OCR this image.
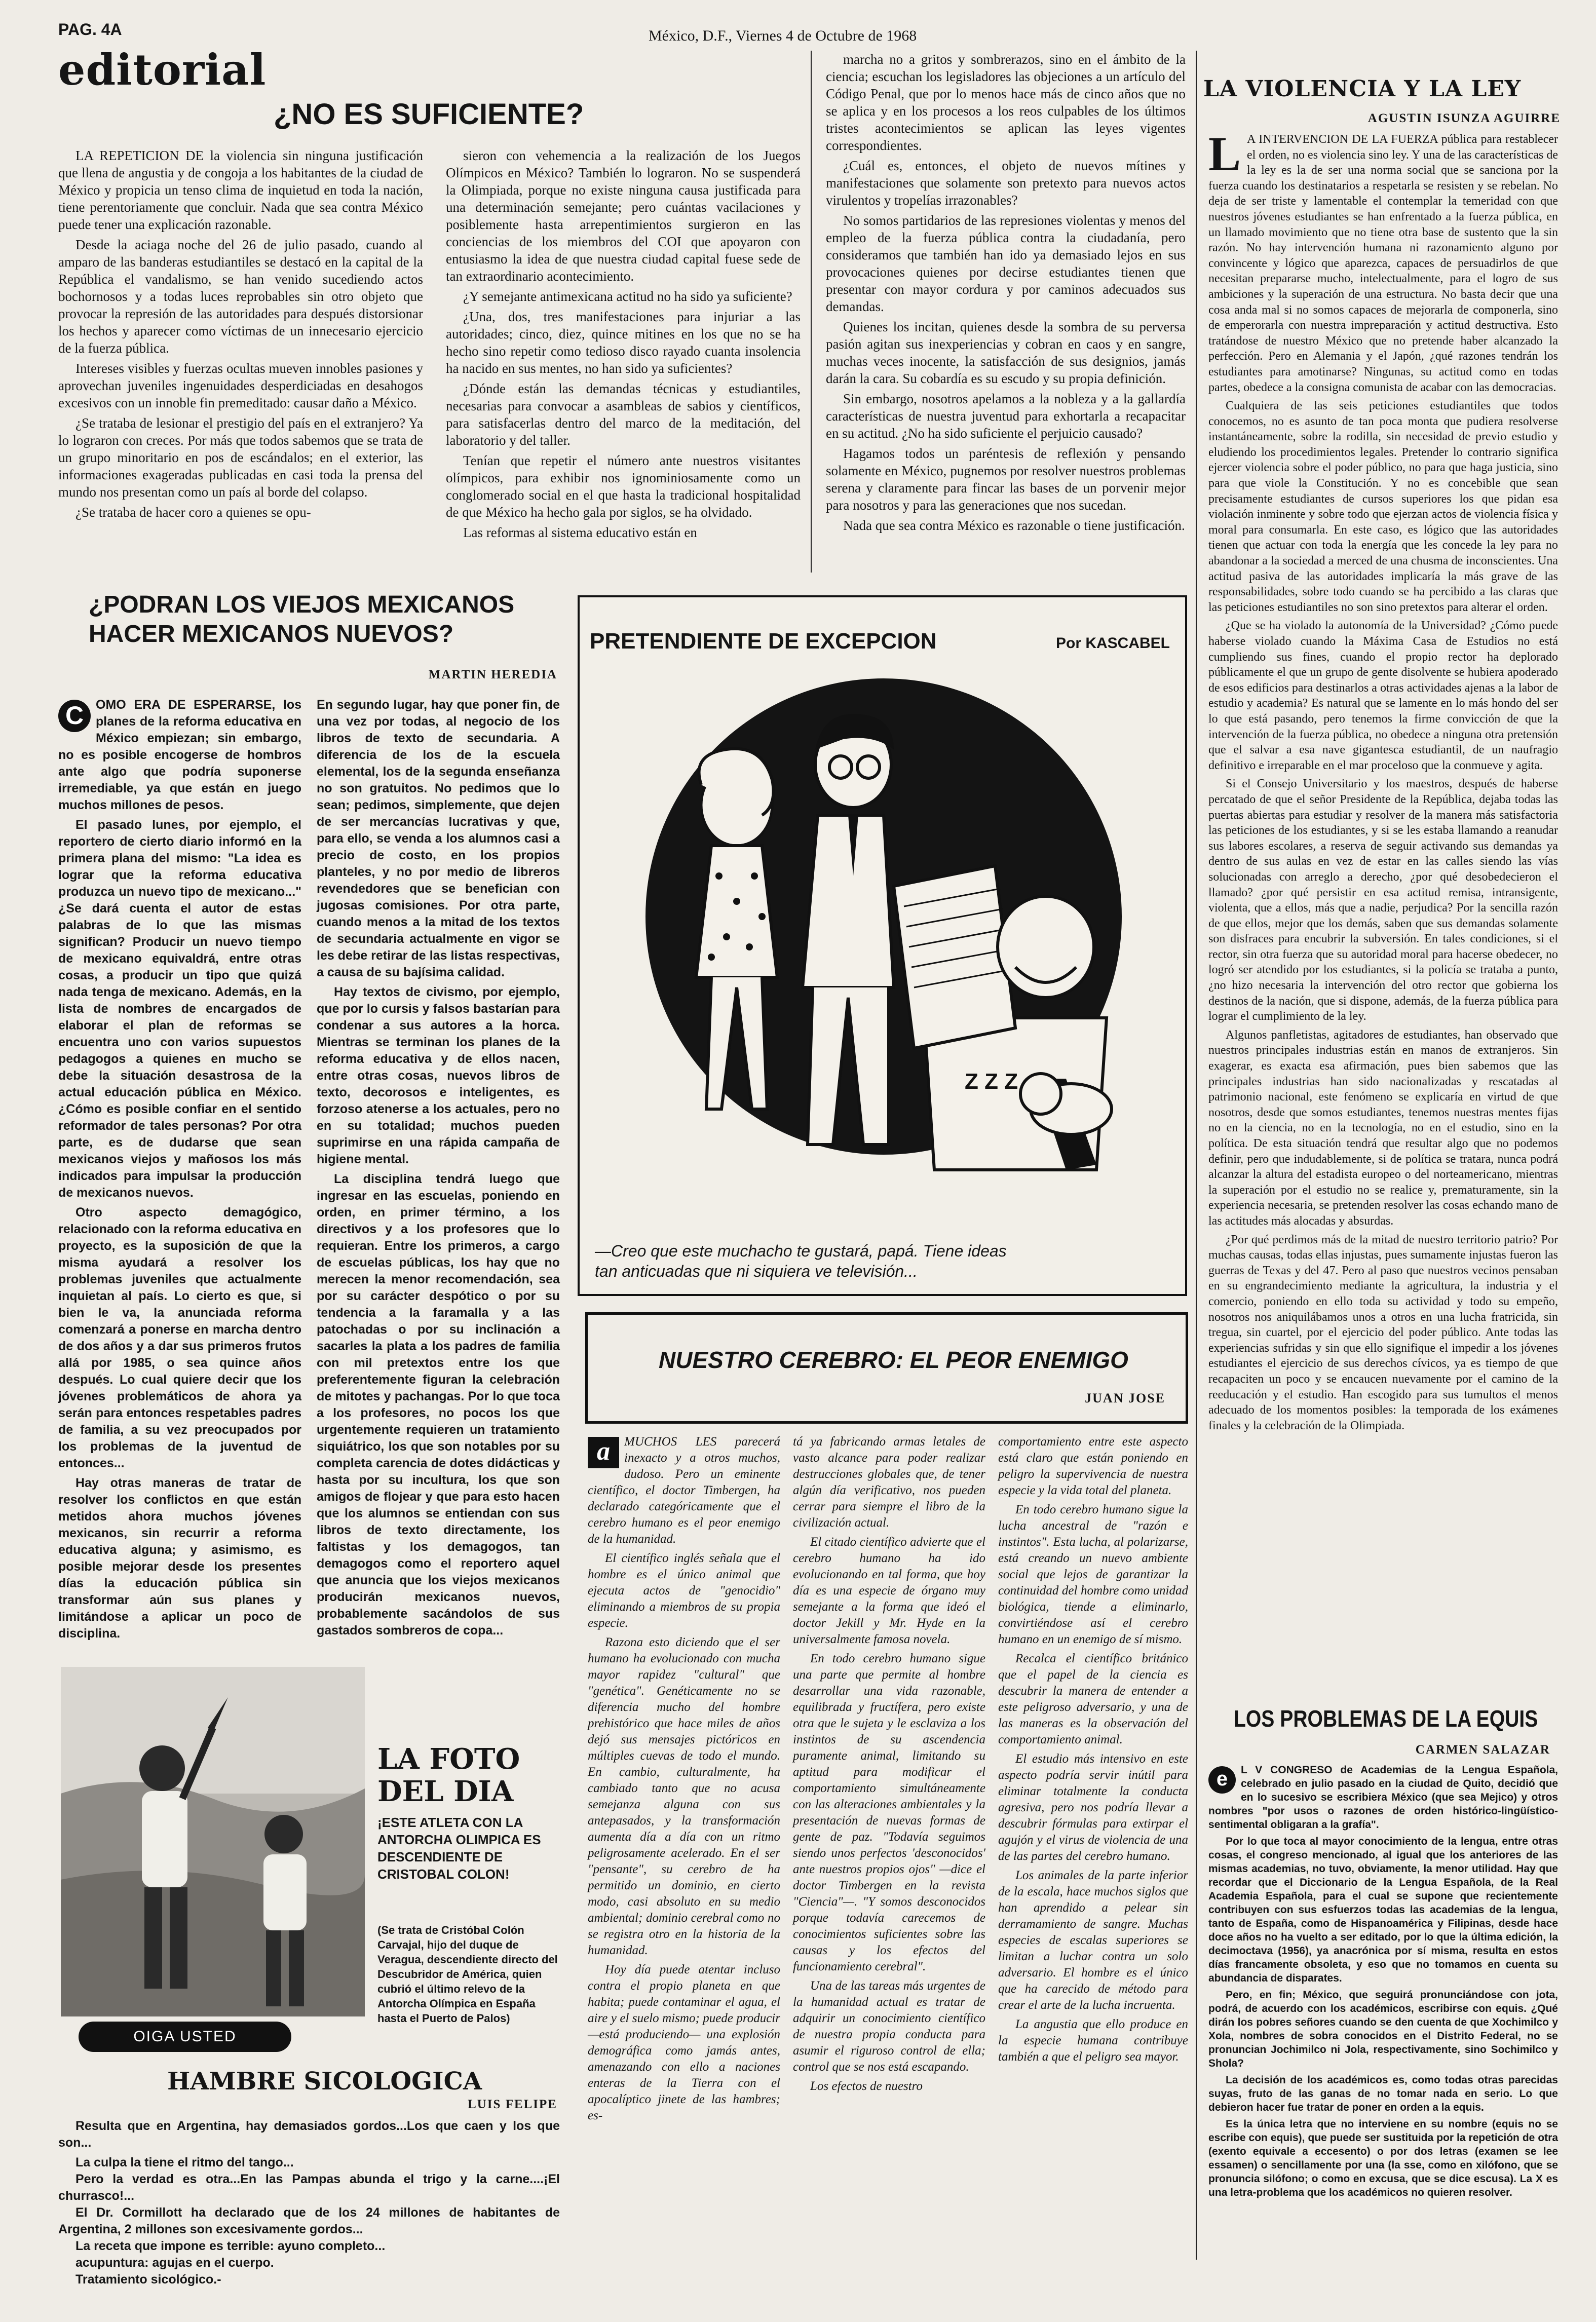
PAG. 4A	México, D.F., Viernes 4 de Octubre de 1968
editorial
¿NO ES SUFICIENTE?

LA REPETICION DE la violencia sin ninguna justificación que llena de angustia y de congoja a los habitantes de la ciudad de México y propicia un tenso clima de inquietud en toda la nación, tiene perentoriamente que concluir. Nada que sea contra México puede tener una explicación razonable.

Desde la aciaga noche del 26 de julio pasado, cuando al amparo de las banderas estudiantiles se destacó en la capital de la República el vandalismo, se han venido sucediendo actos bochornosos y a todas luces reprobables sin otro objeto que provocar la represión de las autoridades para después distorsionar los hechos y aparecer como víctimas de un innecesario ejercicio de la fuerza pública.

Intereses visibles y fuerzas ocultas mueven innobles pasiones y aprovechan juveniles ingenuidades desperdiciadas en desahogos excesivos con un innoble fin premeditado: causar daño a México.

¿Se trataba de lesionar el prestigio del país en el extranjero? Ya lo lograron con creces. Por más que todos sabemos que se trata de un grupo minoritario en pos de escándalos; en el exterior, las informaciones exageradas publicadas en casi toda la prensa del mundo nos presentan como un país al borde del colapso.

¿Se trataba de hacer coro a quienes se opu-

sieron con vehemencia a la realización de los Juegos Olímpicos en México? También lo lograron. No se suspenderá la Olimpiada, porque no existe ninguna causa justificada para una determinación semejante; pero cuántas vacilaciones y posiblemente hasta arrepentimientos surgieron en las conciencias de los miembros del COI que apoyaron con entusiasmo la idea de que nuestra ciudad capital fuese sede de tan extraordinario acontecimiento.

¿Y semejante antimexicana actitud no ha sido ya suficiente?

¿Una, dos, tres manifestaciones para injuriar a las autoridades; cinco, diez, quince mitines en los que no se ha hecho sino repetir como tedioso disco rayado cuanta insolencia ha nacido en sus mentes, no han sido ya suficientes?

¿Dónde están las demandas técnicas y estudiantiles, necesarias para convocar a asambleas de sabios y científicos, para satisfacerlas dentro del marco de la meditación, del laboratorio y del taller.

Tenían que repetir el número ante nuestros visitantes olímpicos, para exhibir nos ignominiosamente como un conglomerado social en el que hasta la tradicional hospitalidad de que México ha hecho gala por siglos, se ha olvidado.

Las reformas al sistema educativo están en

marcha no a gritos y sombrerazos, sino en el ámbito de la ciencia; escuchan los legisladores las objeciones a un artículo del Código Penal, que por lo menos hace más de cinco años que no se aplica y en los procesos a los reos culpables de los últimos tristes acontecimientos se aplican las leyes vigentes correspondientes.

¿Cuál es, entonces, el objeto de nuevos mítines y manifestaciones que solamente son pretexto para nuevos actos virulentos y tropelías irrazonables?

No somos partidarios de las represiones violentas y menos del empleo de la fuerza pública contra la ciudadanía, pero consideramos que también han ido ya demasiado lejos en sus provocaciones quienes por decirse estudiantes tienen que presentar con mayor cordura y por caminos adecuados sus demandas.

Quienes los incitan, quienes desde la sombra de su perversa pasión agitan sus inexperiencias y cobran en caos y en sangre, muchas veces inocente, la satisfacción de sus designios, jamás darán la cara. Su cobardía es su escudo y su propia definición.

Sin embargo, nosotros apelamos a la nobleza y a la gallardía características de nuestra juventud para exhortarla a recapacitar en su actitud. ¿No ha sido suficiente el perjuicio causado?

Hagamos todos un paréntesis de reflexión y pensando solamente en México, pugnemos por resolver nuestros problemas serena y claramente para fincar las bases de un porvenir mejor para nosotros y para las generaciones que nos sucedan.

Nada que sea contra México es razonable o tiene justificación.

¿PODRAN LOS VIEJOS MEXICANOS HACER MEXICANOS NUEVOS?
MARTIN HEREDIA

C OMO ERA DE ESPERARSE, los planes de la reforma educativa en México empiezan; sin embargo, no es posible encogerse de hombros ante algo que podría suponerse irremediable, ya que están en juego muchos millones de pesos.

El pasado lunes, por ejemplo, el reportero de cierto diario informó en la primera plana del mismo: "La idea es lograr que la reforma educativa produzca un nuevo tipo de mexicano..." ¿Se dará cuenta el autor de estas palabras de lo que las mismas significan? Producir un nuevo tiempo de mexicano equivaldrá, entre otras cosas, a producir un tipo que quizá nada tenga de mexicano. Además, en la lista de nombres de encargados de elaborar el plan de reformas se encuentra uno con varios supuestos pedagogos a quienes en mucho se debe la situación desastrosa de la actual educación pública en México. ¿Cómo es posible confiar en el sentido reformador de tales personas? Por otra parte, es de dudarse que sean mexicanos viejos y mañosos los más indicados para impulsar la producción de mexicanos nuevos.

Otro aspecto demagógico, relacionado con la reforma educativa en proyecto, es la suposición de que la misma ayudará a resolver los problemas juveniles que actualmente inquietan al país. Lo cierto es que, si bien le va, la anunciada reforma comenzará a ponerse en marcha dentro de dos años y a dar sus primeros frutos allá por 1985, o sea quince años después. Lo cual quiere decir que los jóvenes problemáticos de ahora ya serán para entonces respetables padres de familia, a su vez preocupados por los problemas de la juventud de entonces...

Hay otras maneras de tratar de resolver los conflictos en que están metidos ahora muchos jóvenes mexicanos, sin recurrir a reforma educativa alguna; y asimismo, es posible mejorar desde los presentes días la educación pública sin transformar aún sus planes y limitándose a aplicar un poco de disciplina.

En segundo lugar, hay que poner fin, de una vez por todas, al negocio de los libros de texto de secundaria. A diferencia de los de la escuela elemental, los de la segunda enseñanza no son gratuitos. No pedimos que lo sean; pedimos, simplemente, que dejen de ser mercancías lucrativas y que, para ello, se venda a los alumnos casi a precio de costo, en los propios planteles, y no por medio de libreros revendedores que se benefician con jugosas comisiones. Por otra parte, cuando menos a la mitad de los textos de secundaria actualmente en vigor se les debe retirar de las listas respectivas, a causa de su bajísima calidad.

Hay textos de civismo, por ejemplo, que por lo cursis y falsos bastarían para condenar a sus autores a la horca. Mientras se terminan los planes de la reforma educativa y de ellos nacen, entre otras cosas, nuevos libros de texto, decorosos e inteligentes, es forzoso atenerse a los actuales, pero no en su totalidad; muchos pueden suprimirse en una rápida campaña de higiene mental.

La disciplina tendrá luego que ingresar en las escuelas, poniendo en orden, en primer término, a los directivos y a los profesores que lo requieran. Entre los primeros, a cargo de escuelas públicas, los hay que no merecen la menor recomendación, sea por su carácter despótico o por su tendencia a la faramalla y a las patochadas o por su inclinación a sacarles la plata a los padres de familia con mil pretextos entre los que preferentemente figuran la celebración de mitotes y pachangas. Por lo que toca a los profesores, no pocos los que urgentemente requieren un tratamiento siquiátrico, los que son notables por su completa carencia de dotes didácticas y hasta por su incultura, los que son amigos de flojear y que para esto hacen que los alumnos se entiendan con sus libros de texto directamente, los faltistas y los demagogos, tan demagogos como el reportero aquel que anuncia que los viejos mexicanos producirán mexicanos nuevos, probablemente sacándolos de sus gastados sombreros de copa...

PRETENDIENTE DE EXCEPCION	Por KASCABEL
Z Z Z
—Creo que este muchacho te gustará, papá. Tiene ideas
tan anticuadas que ni siquiera ve televisión...
NUESTRO CEREBRO: EL PEOR ENEMIGO
JUAN JOSE

a	MUCHOS LES parecerá inexacto y a otros muchos, dudoso. Pero un eminente científico, el doctor Timbergen, ha declarado categóricamente que el cerebro humano es el peor enemigo de la humanidad.

El científico inglés señala que el hombre es el único animal que ejecuta actos de "genocidio" eliminando a miembros de su propia especie.

Razona esto diciendo que el ser humano ha evolucionado con mucha mayor rapidez "cultural" que "genética". Genéticamente no se diferencia mucho del hombre prehistórico que hace miles de años dejó sus mensajes pictóricos en múltiples cuevas de todo el mundo. En cambio, culturalmente, ha cambiado tanto que no acusa semejanza alguna con sus antepasados, y la transformación aumenta día a día con un ritmo peligrosamente acelerado. En el ser "pensante", su cerebro de ha permitido un dominio, en cierto modo, casi absoluto en su medio ambiental; dominio cerebral como no se registra otro en la historia de la humanidad.

Hoy día puede atentar incluso contra el propio planeta en que habita; puede contaminar el agua, el aire y el suelo mismo; puede producir —está produciendo— una explosión demográfica como jamás antes, amenazando con ello a naciones enteras de la Tierra con el apocalíptico jinete de las hambres; es-

tá ya fabricando armas letales de vasto alcance para poder realizar destrucciones globales que, de tener algún día verificativo, nos pueden cerrar para siempre el libro de la civilización actual.

El citado científico advierte que el cerebro humano ha ido evolucionando en tal forma, que hoy día es una especie de órgano muy semejante a la forma que ideó el doctor Jekill y Mr. Hyde en la universalmente famosa novela.

En todo cerebro humano sigue una parte que permite al hombre desarrollar una vida razonable, equilibrada y fructífera, pero existe otra que le sujeta y le esclaviza a los instintos de su ascendencia puramente animal, limitando su aptitud para modificar el comportamiento simultáneamente con las alteraciones ambientales y la presentación de nuevas formas de gente de paz. "Todavía seguimos siendo unos perfectos 'desconocidos' ante nuestros propios ojos" —dice el doctor Timbergen en la revista "Ciencia"—. "Y somos desconocidos porque todavía carecemos de conocimientos suficientes sobre las causas y los efectos del funcionamiento cerebral".

Una de las tareas más urgentes de la humanidad actual es tratar de adquirir un conocimiento científico de nuestra propia conducta para asumir el riguroso control de ella; control que se nos está escapando.

Los efectos de nuestro

comportamiento entre este aspecto está claro que están poniendo en peligro la supervivencia de nuestra especie y la vida total del planeta.

En todo cerebro humano sigue la lucha ancestral de "razón e instintos". Esta lucha, al polarizarse, está creando un nuevo ambiente social que lejos de garantizar la continuidad del hombre como unidad biológica, tiende a eliminarlo, convirtiéndose así el cerebro humano en un enemigo de sí mismo.

Recalca el científico británico que el papel de la ciencia es descubrir la manera de entender a este peligroso adversario, y una de las maneras es la observación del comportamiento animal.

El estudio más intensivo en este aspecto podría servir inútil para eliminar totalmente la conducta agresiva, pero nos podría llevar a descubrir fórmulas para extirpar el agujón y el virus de violencia de una de las partes del cerebro humano.

Los animales de la parte inferior de la escala, hace muchos siglos que han aprendido a pelear sin derramamiento de sangre. Muchas especies de escalas superiores se limitan a luchar contra un solo adversario. El hombre es el único que ha carecido de método para crear el arte de la lucha incruenta.

La angustia que ello produce en la especie humana contribuye también a que el peligro sea mayor.

LA FOTO
DEL DIA
¡ESTE ATLETA CON LA ANTORCHA OLIMPICA ES DESCENDIENTE DE CRISTOBAL COLON!
(Se trata de Cristóbal Colón Carvajal, hijo del duque de Veragua, descendiente directo del Descubridor de América, quien cubrió el último relevo de la Antorcha Olímpica en España hasta el Puerto de Palos)
OIGA USTED
HAMBRE SICOLOGICA
LUIS FELIPE

Resulta que en Argentina, hay demasiados gordos...Los que caen y los que son...

La culpa la tiene el ritmo del tango...

Pero la verdad es otra...En las Pampas abunda el trigo y la carne....¡El churrasco!...

El Dr. Cormillott ha declarado que de los 24 millones de habitantes de Argentina, 2 millones son excesivamente gordos...

La receta que impone es terrible: ayuno completo...

acupuntura: agujas en el cuerpo.

Tratamiento sicológico.-

LA VIOLENCIA Y LA LEY
AGUSTIN ISUNZA AGUIRRE

L A INTERVENCION DE LA FUERZA pública para restablecer el orden, no es violencia sino ley. Y una de las características de la ley es la de ser una norma social que se sanciona por la fuerza cuando los destinatarios a respetarla se resisten y se rebelan. No deja de ser triste y lamentable el contemplar la temeridad con que nuestros jóvenes estudiantes se han enfrentado a la fuerza pública, en un llamado movimiento que no tiene otra base de sustento que la sin razón. No hay intervención humana ni razonamiento alguno por convincente y lógico que aparezca, capaces de persuadirlos de que necesitan prepararse mucho, intelectualmente, para el logro de sus ambiciones y la superación de una estructura. No basta decir que una cosa anda mal si no somos capaces de mejorarla de componerla, sino de emperorarla con nuestra impreparación y actitud destructiva. Esto tratándose de nuestro México que no pretende haber alcanzado la perfección. Pero en Alemania y el Japón, ¿qué razones tendrán los estudiantes para amotinarse? Ningunas, su actitud como en todas partes, obedece a la consigna comunista de acabar con las democracias.

Cualquiera de las seis peticiones estudiantiles que todos conocemos, no es asunto de tan poca monta que pudiera resolverse instantáneamente, sobre la rodilla, sin necesidad de previo estudio y eludiendo los procedimientos legales. Pretender lo contrario significa ejercer violencia sobre el poder público, no para que haga justicia, sino para que viole la Constitución. Y no es concebible que sean precisamente estudiantes de cursos superiores los que pidan esa violación inminente y sobre todo que ejerzan actos de violencia física y moral para consumarla. En este caso, es lógico que las autoridades tienen que actuar con toda la energía que les concede la ley para no abandonar a la sociedad a merced de una chusma de inconscientes. Una actitud pasiva de las autoridades implicaría la más grave de las responsabilidades, sobre todo cuando se ha percibido a las claras que las peticiones estudiantiles no son sino pretextos para alterar el orden.

¿Que se ha violado la autonomía de la Universidad? ¿Cómo puede haberse violado cuando la Máxima Casa de Estudios no está cumpliendo sus fines, cuando el propio rector ha deplorado públicamente el que un grupo de gente disolvente se hubiera apoderado de esos edificios para destinarlos a otras actividades ajenas a la labor de estudio y academia? Es natural que se lamente en lo más hondo del ser lo que está pasando, pero tenemos la firme convicción de que la intervención de la fuerza pública, no obedece a ninguna otra pretensión que el salvar a esa nave gigantesca estudiantil, de un naufragio definitivo e irreparable en el mar proceloso que la conmueve y agita.

Si el Consejo Universitario y los maestros, después de haberse percatado de que el señor Presidente de la República, dejaba todas las puertas abiertas para estudiar y resolver de la manera más satisfactoria las peticiones de los estudiantes, y si se les estaba llamando a reanudar sus labores escolares, a reserva de seguir activando sus demandas ya dentro de sus aulas en vez de estar en las calles siendo las vías solucionadas con arreglo a derecho, ¿por qué desobedecieron el llamado? ¿por qué persistir en esa actitud remisa, intransigente, violenta, que a ellos, más que a nadie, perjudica? Por la sencilla razón de que ellos, mejor que los demás, saben que sus demandas solamente son disfraces para encubrir la subversión. En tales condiciones, si el rector, sin otra fuerza que su autoridad moral para hacerse obedecer, no logró ser atendido por los estudiantes, si la policía se trataba a punto, ¿no hizo necesaria la intervención del otro rector que gobierna los destinos de la nación, que si dispone, además, de la fuerza pública para lograr el cumplimiento de la ley.

Algunos panfletistas, agitadores de estudiantes, han observado que nuestros principales industrias están en manos de extranjeros. Sin exagerar, es exacta esa afirmación, pues bien sabemos que las principales industrias han sido nacionalizadas y rescatadas al patrimonio nacional, este fenómeno se explicaría en virtud de que nosotros, desde que somos estudiantes, tenemos nuestras mentes fijas no en la ciencia, no en la tecnología, no en el estudio, sino en la política. De esta situación tendrá que resultar algo que no podemos definir, pero que indudablemente, si de política se tratara, nunca podrá alcanzar la altura del estadista europeo o del norteamericano, mientras la superación por el estudio no se realice y, prematuramente, sin la experiencia necesaria, se pretenden resolver las cosas echando mano de las actitudes más alocadas y absurdas.

¿Por qué perdimos más de la mitad de nuestro territorio patrio? Por muchas causas, todas ellas injustas, pues sumamente injustas fueron las guerras de Texas y del 47. Pero al paso que nuestros vecinos pensaban en su engrandecimiento mediante la agricultura, la industria y el comercio, poniendo en ello toda su actividad y todo su empeño, nosotros nos aniquilábamos unos a otros en una lucha fratricida, sin tregua, sin cuartel, por el ejercicio del poder público. Ante todas las experiencias sufridas y sin que ello signifique el impedir a los jóvenes estudiantes el ejercicio de sus derechos cívicos, ya es tiempo de que recapaciten un poco y se encaucen nuevamente por el camino de la reeducación y el estudio. Han escogido para sus tumultos el menos adecuado de los momentos posibles: la temporada de los exámenes finales y la celebración de la Olimpiada.

LOS PROBLEMAS DE LA EQUIS
CARMEN SALAZAR

e	L V CONGRESO de Academias de la Lengua Española, celebrado en julio pasado en la ciudad de Quito, decidió que en lo sucesivo se escribiera Méxicο (que sea Mejico) y otros nombres "por usos o razones de orden histórico-lingüístico-sentimental obligaran a la grafía".

Por lo que toca al mayor conocimiento de la lengua, entre otras cosas, el congreso mencionado, al igual que los anteriores de las mismas academias, no tuvo, obviamente, la menor utilidad. Hay que recordar que el Diccionario de la Lengua Española, de la Real Academia Española, para el cual se supone que recientemente contribuyen con sus esfuerzos todas las academias de la lengua, tanto de España, como de Hispanoamérica y Filipinas, desde hace doce años no ha vuelto a ser editado, por lo que la última edición, la decimoctava (1956), ya anacrónica por sí misma, resulta en estos días francamente obsoleta, y eso que no tomamos en cuenta su abundancia de disparates.

Pero, en fin; México, que seguirá pronunciándose con jota, podrá, de acuerdo con los académicos, escribirse con equis. ¿Qué dirán los pobres señores cuando se den cuenta de que Xochimilco y Xola, nombres de sobra conocidos en el Distrito Federal, no se pronuncian Jochimilco ni Jola, respectivamente, sino Sochimilco y Shola?

La decisión de los académicos es, como todas otras parecidas suyas, fruto de las ganas de no tomar nada en serio. Lo que debieron hacer fue tratar de poner en orden a la equis.

Es la única letra que no interviene en su nombre (equis no se escribe con equis), que puede ser sustituida por la repetición de otra (exento equivale a eccesento) o por dos letras (examen se lee essamen) o sencillamente por una (la sse, como en xilófono, que se pronuncia silófono; o como en excusa, que se dice escusa). La X es una letra-problema que los académicos no quieren resolver.
